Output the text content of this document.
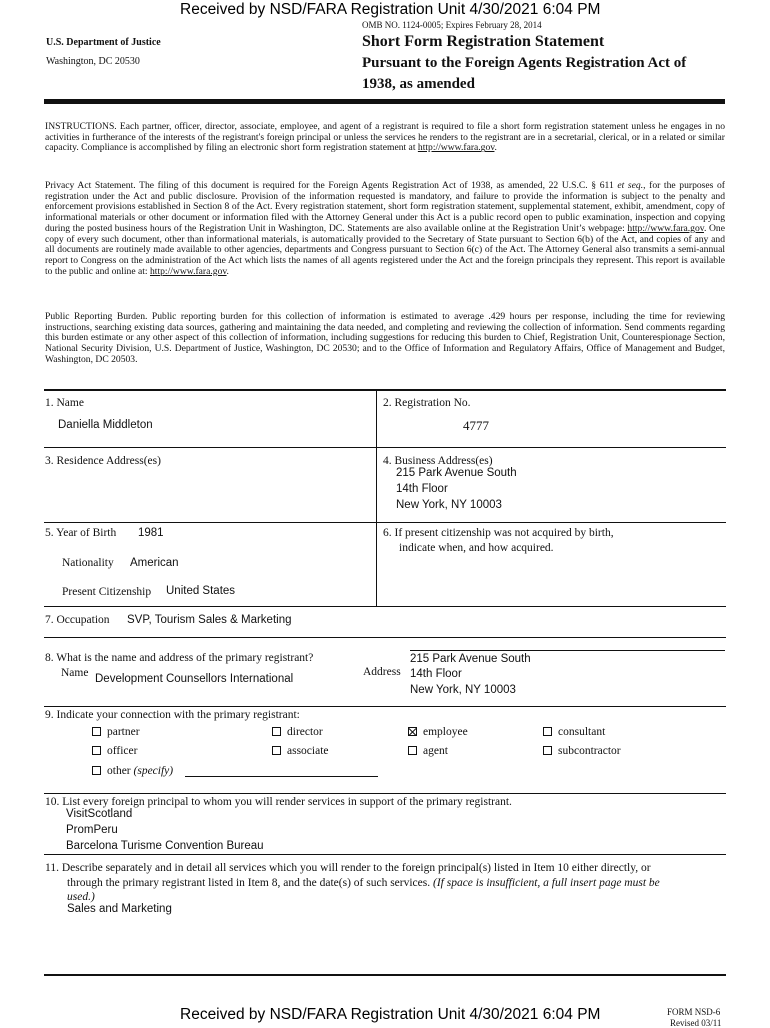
Received by NSD/FARA Registration Unit 4/30/2021 6:04 PM
OMB NO. 1124-0005; Expires February 28, 2014
U.S. Department of Justice
Washington, DC 20530
Short Form Registration Statement
Pursuant to the Foreign Agents Registration Act of
1938, as amended
INSTRUCTIONS. Each partner, officer, director, associate, employee, and agent of a registrant is required to file a short form registration statement unless he engages in no activities in furtherance of the interests of the registrant's foreign principal or unless the services he renders to the registrant are in a secretarial, clerical, or in a related or similar capacity. Compliance is accomplished by filing an electronic short form registration statement at http://www.fara.gov.
Privacy Act Statement. The filing of this document is required for the Foreign Agents Registration Act of 1938, as amended, 22 U.S.C. § 611 et seq., for the purposes of registration under the Act and public disclosure. Provision of the information requested is mandatory, and failure to provide the information is subject to the penalty and enforcement provisions established in Section 8 of the Act. Every registration statement, short form registration statement, supplemental statement, exhibit, amendment, copy of informational materials or other document or information filed with the Attorney General under this Act is a public record open to public examination, inspection and copying during the posted business hours of the Registration Unit in Washington, DC. Statements are also available online at the Registration Unit’s webpage: http://www.fara.gov. One copy of every such document, other than informational materials, is automatically provided to the Secretary of State pursuant to Section 6(b) of the Act, and copies of any and all documents are routinely made available to other agencies, departments and Congress pursuant to Section 6(c) of the Act. The Attorney General also transmits a semi-annual report to Congress on the administration of the Act which lists the names of all agents registered under the Act and the foreign principals they represent. This report is available to the public and online at: http://www.fara.gov.
Public Reporting Burden. Public reporting burden for this collection of information is estimated to average .429 hours per response, including the time for reviewing instructions, searching existing data sources, gathering and maintaining the data needed, and completing and reviewing the collection of information. Send comments regarding this burden estimate or any other aspect of this collection of information, including suggestions for reducing this burden to Chief, Registration Unit, Counterespionage Section, National Security Division, U.S. Department of Justice, Washington, DC 20530; and to the Office of Information and Regulatory Affairs, Office of Management and Budget, Washington, DC 20503.
1. Name
Daniella Middleton
2. Registration No.
4777
3. Residence Address(es)	4. Business Address(es)
215 Park Avenue South
14th Floor
New York, NY 10003
5. Year of Birth 1981
Nationality American
Present Citizenship United States
6. If present citizenship was not acquired by birth,
indicate when, and how acquired.
7. Occupation SVP, Tourism Sales & Marketing
8. What is the name and address of the primary registrant?
Name Development Counsellors International
Address
215 Park Avenue South
14th Floor
New York, NY 10003
9. Indicate your connection with the primary registrant:
partner
officer
other (specify)
director
associate
employee
agent
consultant
subcontractor
10. List every foreign principal to whom you will render services in support of the primary registrant.
VisitScotland
PromPeru
Barcelona Turisme Convention Bureau
11. Describe separately and in detail all services which you will render to the foreign principal(s) listed in Item 10 either directly, or
through the primary registrant listed in Item 8, and the date(s) of such services. (If space is insufficient, a full insert page must be
used.)
Sales and Marketing
Received by NSD/FARA Registration Unit 4/30/2021 6:04 PM	FORM NSD-6
Revised 03/11
